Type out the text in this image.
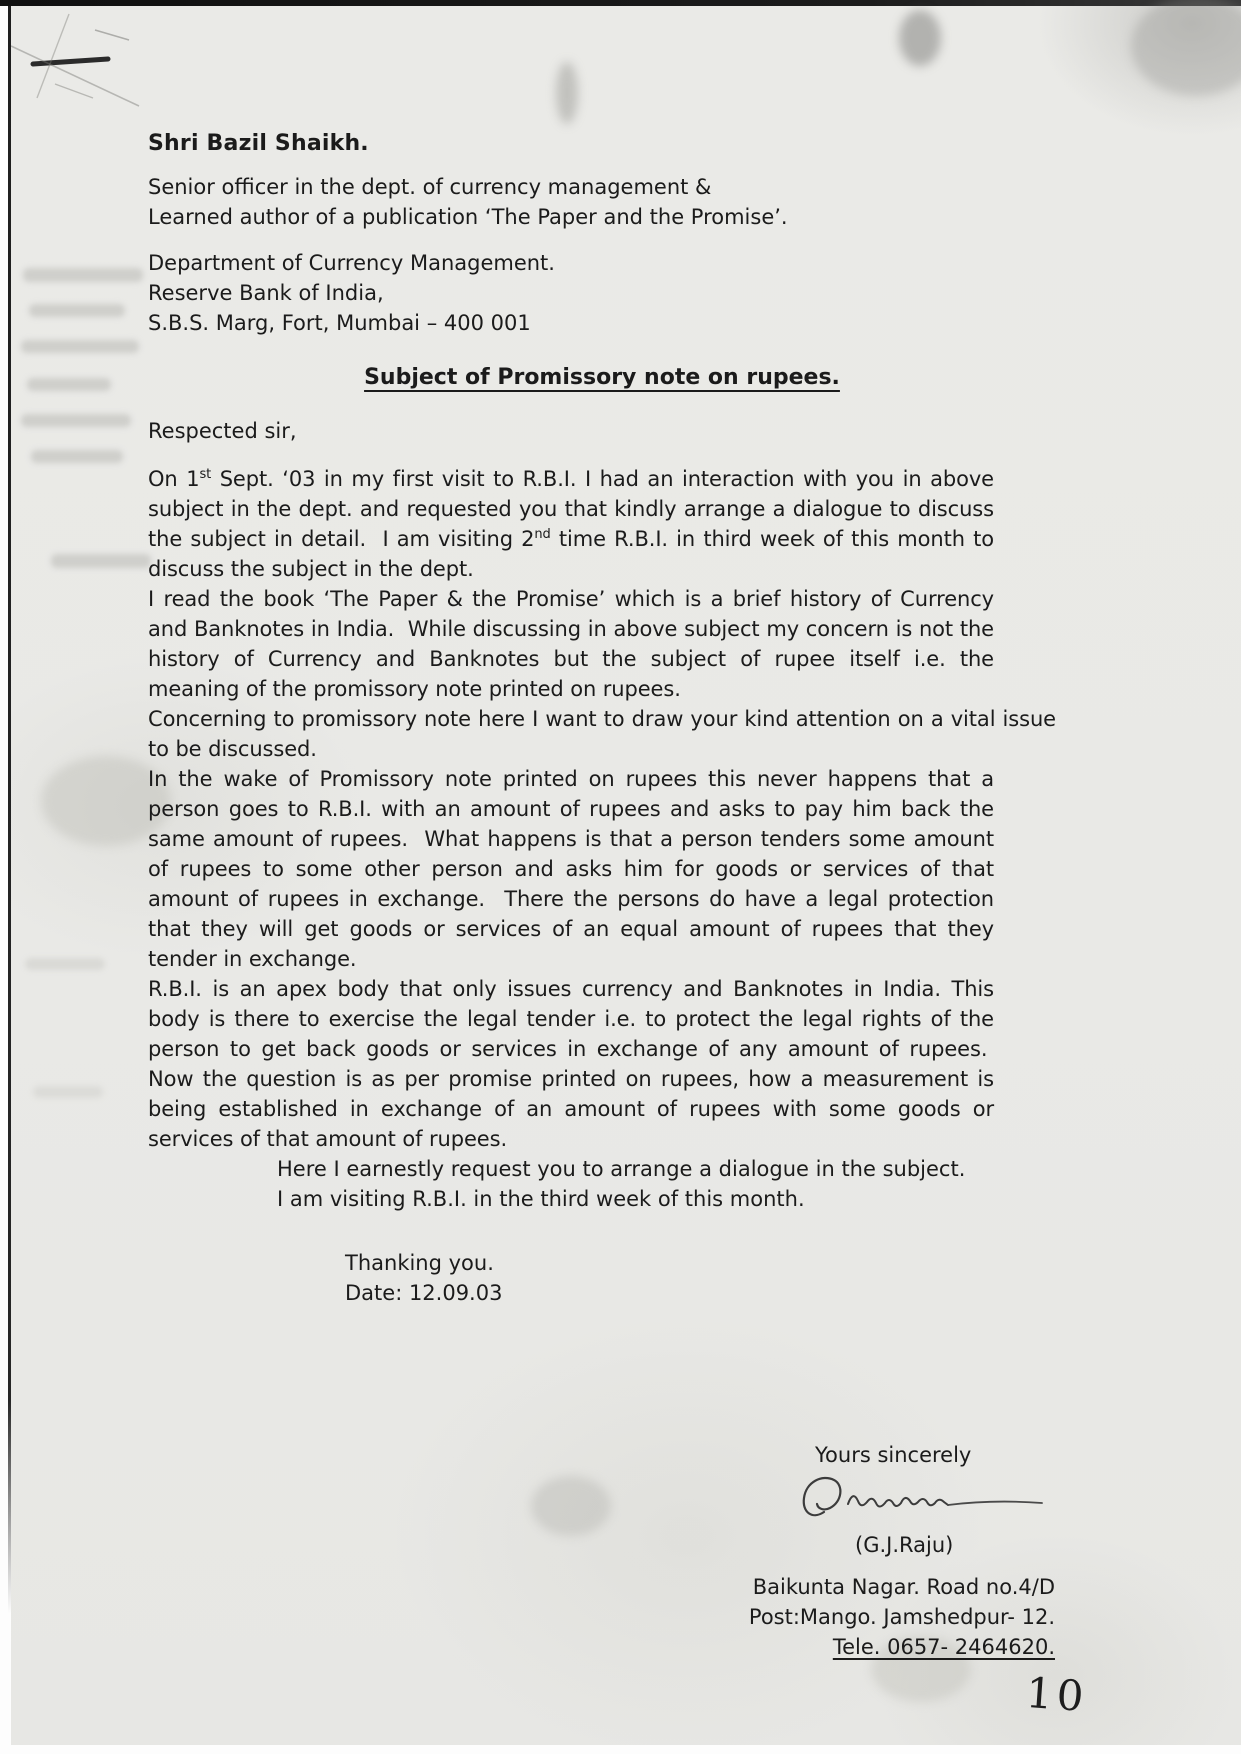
Shri Bazil Shaikh.
Senior officer in the dept. of currency management &
Learned author of a publication ‘The Paper and the Promise’.
Department of Currency Management.
Reserve Bank of India,
S.B.S. Marg, Fort, Mumbai – 400 001
Subject of Promissory note on rupees.
Respected sir,

On 1st Sept. ‘03 in my first visit to R.B.I. I had an interaction with you in above subject in the dept. and requested you that kindly arrange a dialogue to discuss the subject in detail.  I am visiting 2nd time R.B.I. in third week of this month to discuss the subject in the dept.

I read the book ‘The Paper & the Promise’ which is a brief history of Currency and Banknotes in India.  While discussing in above subject my concern is not the history of Currency and Banknotes but the subject of rupee itself i.e. the meaning of the promissory note printed on rupees.

Concerning to promissory note here I want to draw your kind attention on a vital issue to be discussed.

In the wake of Promissory note printed on rupees this never happens that a person goes to R.B.I. with an amount of rupees and asks to pay him back the same amount of rupees.  What happens is that a person tenders some amount of rupees to some other person and asks him for goods or services of that amount of rupees in exchange.  There the persons do have a legal protection that they will get goods or services of an equal amount of rupees that they tender in exchange.

R.B.I. is an apex body that only issues currency and Banknotes in India. This body is there to exercise the legal tender i.e. to protect the legal rights of the person to get back goods or services in exchange of any amount of rupees.  Now the question is as per promise printed on rupees, how a measurement is being established in exchange of an amount of rupees with some goods or services of that amount of rupees.

Here I earnestly request you to arrange a dialogue in the subject.
I am visiting R.B.I. in the third week of this month.
Thanking you.
Date: 12.09.03
Yours sincerely
(G.J.Raju)
Baikunta Nagar. Road no.4/D
Post:Mango. Jamshedpur- 12.
Tele. 0657- 2464620.
10
